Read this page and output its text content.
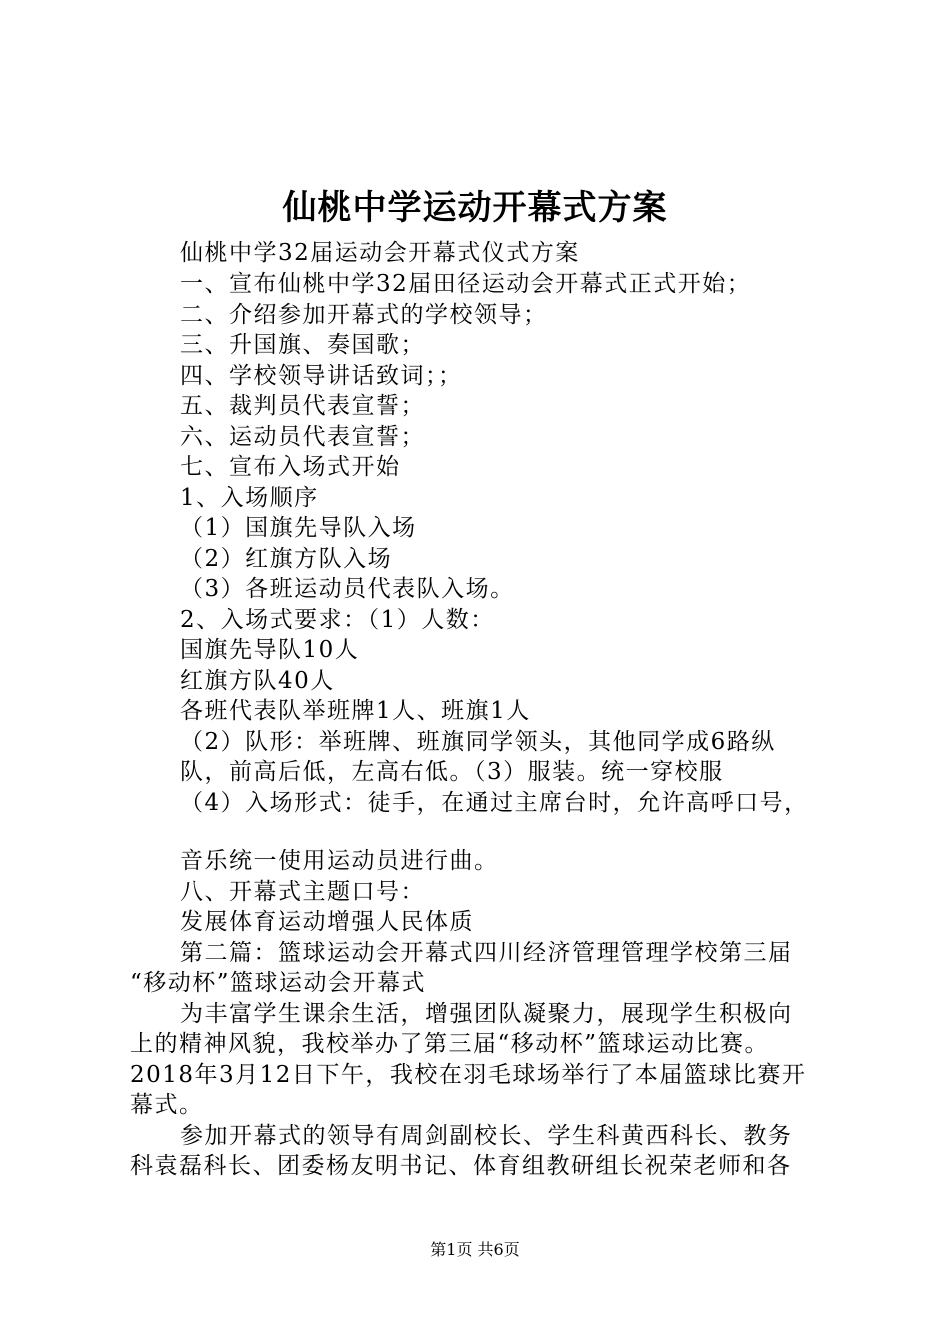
仙桃中学运动开幕式方案
仙桃中学32届运动会开幕式仪式方案
一、宣布仙桃中学32届田径运动会开幕式正式开始；
二、介绍参加开幕式的学校领导；
三、升国旗、奏国歌；
四、学校领导讲话致词；；
五、裁判员代表宣誓；
六、运动员代表宣誓；
七、宣布入场式开始
1、入场顺序
（1）国旗先导队入场
（2）红旗方队入场
（3）各班运动员代表队入场。
2、入场式要求：（1）人数：
国旗先导队10人
红旗方队40人
各班代表队举班牌1人、班旗1人
（2）队形：举班牌、班旗同学领头，其他同学成6路纵
队，前高后低，左高右低。（3）服装。统一穿校服
（4）入场形式：徒手，在通过主席台时，允许高呼口号，
音乐统一使用运动员进行曲。
八、开幕式主题口号：
发展体育运动增强人民体质
第二篇：篮球运动会开幕式四川经济管理管理学校第三届
“移动杯”篮球运动会开幕式
为丰富学生课余生活，增强团队凝聚力，展现学生积极向
上的精神风貌，我校举办了第三届“移动杯”篮球运动比赛。
2018年3月12日下午，我校在羽毛球场举行了本届篮球比赛开
幕式。
参加开幕式的领导有周剑副校长、学生科黄西科长、教务
科袁磊科长、团委杨友明书记、体育组教研组长祝荣老师和各
第1页 共6页
